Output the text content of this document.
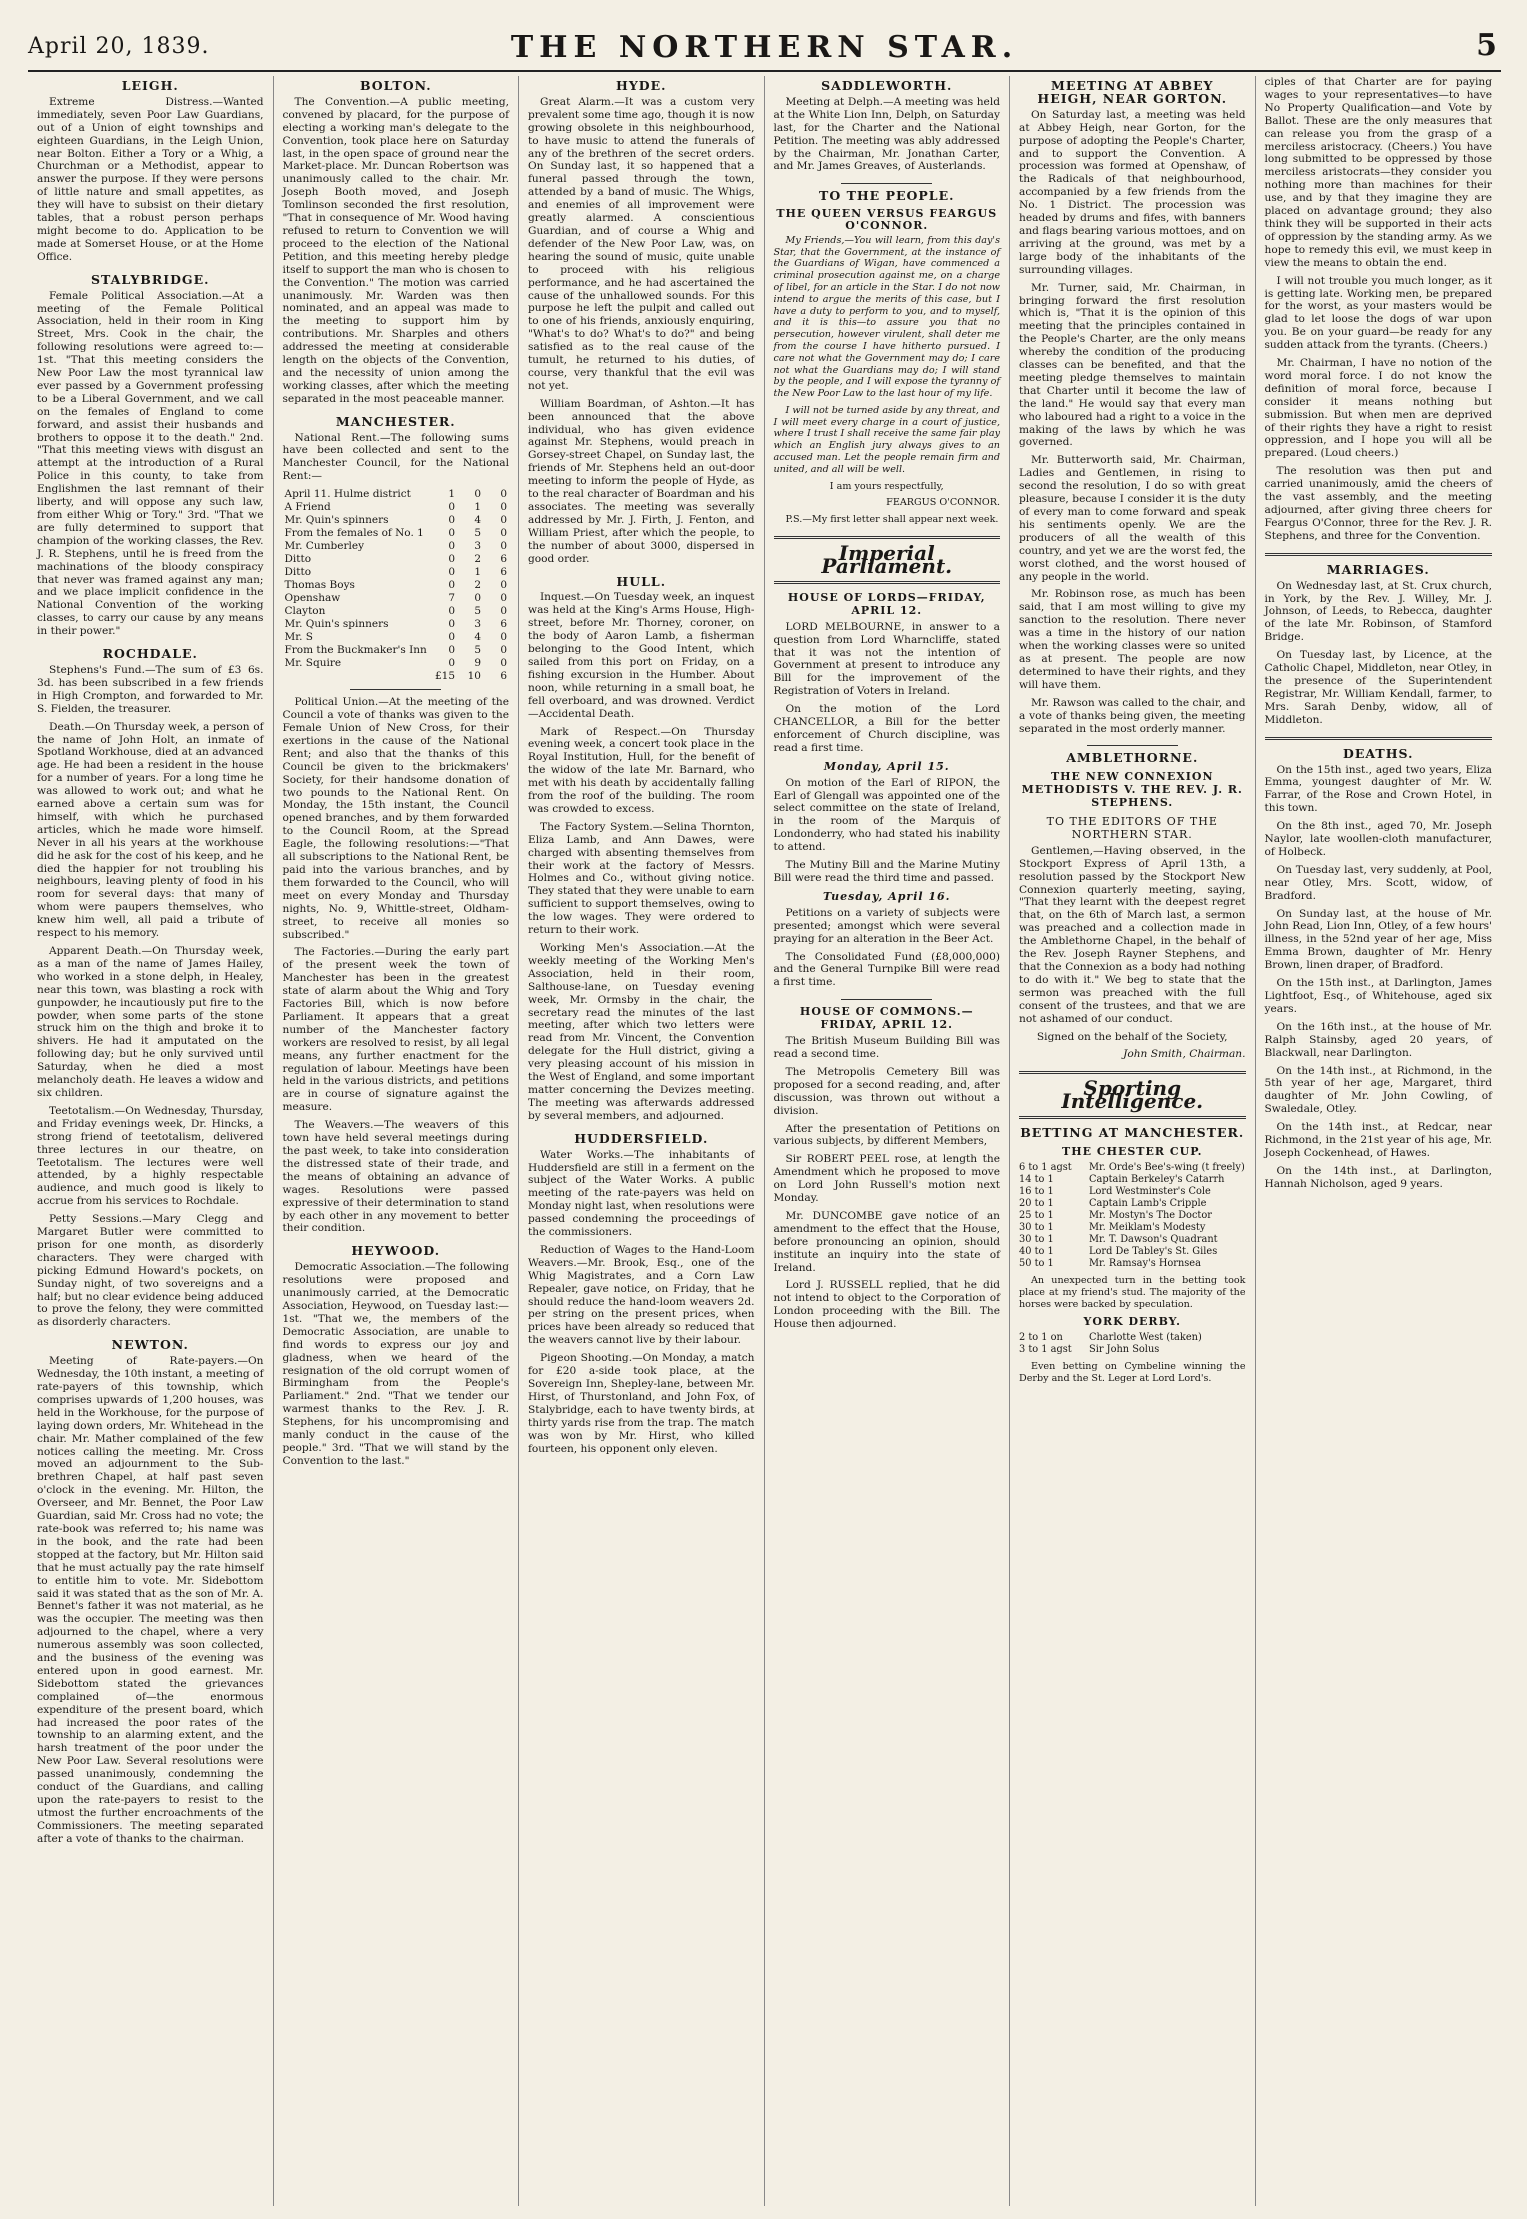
April 20, 1839.	THE NORTHERN STAR.	5
LEIGH.

Extreme Distress.—Wanted immediately, seven Poor Law Guardians, out of a Union of eight townships and eighteen Guardians, in the Leigh Union, near Bolton. Either a Tory or a Whig, a Churchman or a Methodist, appear to answer the purpose. If they were persons of little nature and small appetites, as they will have to subsist on their dietary tables, that a robust person perhaps might become to do. Application to be made at Somerset House, or at the Home Office.

STALYBRIDGE.

Female Political Association.—At a meeting of the Female Political Association, held in their room in King Street, Mrs. Cook in the chair, the following resolutions were agreed to:—1st. "That this meeting considers the New Poor Law the most tyrannical law ever passed by a Government professing to be a Liberal Government, and we call on the females of England to come forward, and assist their husbands and brothers to oppose it to the death." 2nd. "That this meeting views with disgust an attempt at the introduction of a Rural Police in this county, to take from Englishmen the last remnant of their liberty, and will oppose any such law, from either Whig or Tory." 3rd. "That we are fully determined to support that champion of the working classes, the Rev. J. R. Stephens, until he is freed from the machinations of the bloody conspiracy that never was framed against any man; and we place implicit confidence in the National Convention of the working classes, to carry our cause by any means in their power."

ROCHDALE.

Stephens's Fund.—The sum of £3 6s. 3d. has been subscribed in a few friends in High Crompton, and forwarded to Mr. S. Fielden, the treasurer.

Death.—On Thursday week, a person of the name of John Holt, an inmate of Spotland Workhouse, died at an advanced age. He had been a resident in the house for a number of years. For a long time he was allowed to work out; and what he earned above a certain sum was for himself, with which he purchased articles, which he made wore himself. Never in all his years at the workhouse did he ask for the cost of his keep, and he died the happier for not troubling his neighbours, leaving plenty of food in his room for several days: that many of whom were paupers themselves, who knew him well, all paid a tribute of respect to his memory.

Apparent Death.—On Thursday week, as a man of the name of James Hailey, who worked in a stone delph, in Healey, near this town, was blasting a rock with gunpowder, he incautiously put fire to the powder, when some parts of the stone struck him on the thigh and broke it to shivers. He had it amputated on the following day; but he only survived until Saturday, when he died a most melancholy death. He leaves a widow and six children.

Teetotalism.—On Wednesday, Thursday, and Friday evenings week, Dr. Hincks, a strong friend of teetotalism, delivered three lectures in our theatre, on Teetotalism. The lectures were well attended, by a highly respectable audience, and much good is likely to accrue from his services to Rochdale.

Petty Sessions.—Mary Clegg and Margaret Butler were committed to prison for one month, as disorderly characters. They were charged with picking Edmund Howard's pockets, on Sunday night, of two sovereigns and a half; but no clear evidence being adduced to prove the felony, they were committed as disorderly characters.

NEWTON.

Meeting of Rate-payers.—On Wednesday, the 10th instant, a meeting of rate-payers of this township, which comprises upwards of 1,200 houses, was held in the Workhouse, for the purpose of laying down orders, Mr. Whitehead in the chair. Mr. Mather complained of the few notices calling the meeting. Mr. Cross moved an adjournment to the Sub-brethren Chapel, at half past seven o'clock in the evening. Mr. Hilton, the Overseer, and Mr. Bennet, the Poor Law Guardian, said Mr. Cross had no vote; the rate-book was referred to; his name was in the book, and the rate had been stopped at the factory, but Mr. Hilton said that he must actually pay the rate himself to entitle him to vote. Mr. Sidebottom said it was stated that as the son of Mr. A. Bennet's father it was not material, as he was the occupier. The meeting was then adjourned to the chapel, where a very numerous assembly was soon collected, and the business of the evening was entered upon in good earnest. Mr. Sidebottom stated the grievances complained of—the enormous expenditure of the present board, which had increased the poor rates of the township to an alarming extent, and the harsh treatment of the poor under the New Poor Law. Several resolutions were passed unanimously, condemning the conduct of the Guardians, and calling upon the rate-payers to resist to the utmost the further encroachments of the Commissioners. The meeting separated after a vote of thanks to the chairman.

BOLTON.

The Convention.—A public meeting, convened by placard, for the purpose of electing a working man's delegate to the Convention, took place here on Saturday last, in the open space of ground near the Market-place. Mr. Duncan Robertson was unanimously called to the chair. Mr. Joseph Booth moved, and Joseph Tomlinson seconded the first resolution, "That in consequence of Mr. Wood having refused to return to Convention we will proceed to the election of the National Petition, and this meeting hereby pledge itself to support the man who is chosen to the Convention." The motion was carried unanimously. Mr. Warden was then nominated, and an appeal was made to the meeting to support him by contributions. Mr. Sharples and others addressed the meeting at considerable length on the objects of the Convention, and the necessity of union among the working classes, after which the meeting separated in the most peaceable manner.

MANCHESTER.

National Rent.—The following sums have been collected and sent to the Manchester Council, for the National Rent:—

April 11. Hulme district	1	0	0
A Friend	0	1	0
Mr. Quin's spinners	0	4	0
From the females of No. 1	0	5	0
Mr. Cumberley	0	3	0
Ditto	0	2	6
Ditto	0	1	6
Thomas Boys	0	2	0
Openshaw	7	0	0
Clayton	0	5	0
Mr. Quin's spinners	0	3	6
Mr. S	0	4	0
From the Buckmaker's Inn	0	5	0
Mr. Squire	0	9	0
	£15	10	6

Political Union.—At the meeting of the Council a vote of thanks was given to the Female Union of New Cross, for their exertions in the cause of the National Rent; and also that the thanks of this Council be given to the brickmakers' Society, for their handsome donation of two pounds to the National Rent. On Monday, the 15th instant, the Council opened branches, and by them forwarded to the Council Room, at the Spread Eagle, the following resolutions:—"That all subscriptions to the National Rent, be paid into the various branches, and by them forwarded to the Council, who will meet on every Monday and Thursday nights, No. 9, Whittle-street, Oldham-street, to receive all monies so subscribed."

The Factories.—During the early part of the present week the town of Manchester has been in the greatest state of alarm about the Whig and Tory Factories Bill, which is now before Parliament. It appears that a great number of the Manchester factory workers are resolved to resist, by all legal means, any further enactment for the regulation of labour. Meetings have been held in the various districts, and petitions are in course of signature against the measure.

The Weavers.—The weavers of this town have held several meetings during the past week, to take into consideration the distressed state of their trade, and the means of obtaining an advance of wages. Resolutions were passed expressive of their determination to stand by each other in any movement to better their condition.

HEYWOOD.

Democratic Association.—The following resolutions were proposed and unanimously carried, at the Democratic Association, Heywood, on Tuesday last:—1st. "That we, the members of the Democratic Association, are unable to find words to express our joy and gladness, when we heard of the resignation of the old corrupt women of Birmingham from the People's Parliament." 2nd. "That we tender our warmest thanks to the Rev. J. R. Stephens, for his uncompromising and manly conduct in the cause of the people." 3rd. "That we will stand by the Convention to the last."

HYDE.

Great Alarm.—It was a custom very prevalent some time ago, though it is now growing obsolete in this neighbourhood, to have music to attend the funerals of any of the brethren of the secret orders. On Sunday last, it so happened that a funeral passed through the town, attended by a band of music. The Whigs, and enemies of all improvement were greatly alarmed. A conscientious Guardian, and of course a Whig and defender of the New Poor Law, was, on hearing the sound of music, quite unable to proceed with his religious performance, and he had ascertained the cause of the unhallowed sounds. For this purpose he left the pulpit and called out to one of his friends, anxiously enquiring, "What's to do? What's to do?" and being satisfied as to the real cause of the tumult, he returned to his duties, of course, very thankful that the evil was not yet.

William Boardman, of Ashton.—It has been announced that the above individual, who has given evidence against Mr. Stephens, would preach in Gorsey-street Chapel, on Sunday last, the friends of Mr. Stephens held an out-door meeting to inform the people of Hyde, as to the real character of Boardman and his associates. The meeting was severally addressed by Mr. J. Firth, J. Fenton, and William Priest, after which the people, to the number of about 3000, dispersed in good order.

HULL.

Inquest.—On Tuesday week, an inquest was held at the King's Arms House, High-street, before Mr. Thorney, coroner, on the body of Aaron Lamb, a fisherman belonging to the Good Intent, which sailed from this port on Friday, on a fishing excursion in the Humber. About noon, while returning in a small boat, he fell overboard, and was drowned. Verdict—Accidental Death.

Mark of Respect.—On Thursday evening week, a concert took place in the Royal Institution, Hull, for the benefit of the widow of the late Mr. Barnard, who met with his death by accidentally falling from the roof of the building. The room was crowded to excess.

The Factory System.—Selina Thornton, Eliza Lamb, and Ann Dawes, were charged with absenting themselves from their work at the factory of Messrs. Holmes and Co., without giving notice. They stated that they were unable to earn sufficient to support themselves, owing to the low wages. They were ordered to return to their work.

Working Men's Association.—At the weekly meeting of the Working Men's Association, held in their room, Salthouse-lane, on Tuesday evening week, Mr. Ormsby in the chair, the secretary read the minutes of the last meeting, after which two letters were read from Mr. Vincent, the Convention delegate for the Hull district, giving a very pleasing account of his mission in the West of England, and some important matter concerning the Devizes meeting. The meeting was afterwards addressed by several members, and adjourned.

HUDDERSFIELD.

Water Works.—The inhabitants of Huddersfield are still in a ferment on the subject of the Water Works. A public meeting of the rate-payers was held on Monday night last, when resolutions were passed condemning the proceedings of the commissioners.

Reduction of Wages to the Hand-Loom Weavers.—Mr. Brook, Esq., one of the Whig Magistrates, and a Corn Law Repealer, gave notice, on Friday, that he should reduce the hand-loom weavers 2d. per string on the present prices, when prices have been already so reduced that the weavers cannot live by their labour.

Pigeon Shooting.—On Monday, a match for £20 a-side took place, at the Sovereign Inn, Shepley-lane, between Mr. Hirst, of Thurstonland, and John Fox, of Stalybridge, each to have twenty birds, at thirty yards rise from the trap. The match was won by Mr. Hirst, who killed fourteen, his opponent only eleven.

SADDLEWORTH.

Meeting at Delph.—A meeting was held at the White Lion Inn, Delph, on Saturday last, for the Charter and the National Petition. The meeting was ably addressed by the Chairman, Mr. Jonathan Carter, and Mr. James Greaves, of Austerlands.

TO THE PEOPLE.
THE QUEEN VERSUS FEARGUS O'CONNOR.

My Friends,—You will learn, from this day's Star, that the Government, at the instance of the Guardians of Wigan, have commenced a criminal prosecution against me, on a charge of libel, for an article in the Star. I do not now intend to argue the merits of this case, but I have a duty to perform to you, and to myself, and it is this—to assure you that no persecution, however virulent, shall deter me from the course I have hitherto pursued. I care not what the Government may do; I care not what the Guardians may do; I will stand by the people, and I will expose the tyranny of the New Poor Law to the last hour of my life.

I will not be turned aside by any threat, and I will meet every charge in a court of justice, where I trust I shall receive the same fair play which an English jury always gives to an accused man. Let the people remain firm and united, and all will be well.

I am yours respectfully,

FEARGUS O'CONNOR.

P.S.—My first letter shall appear next week.

Imperial Parliament.
HOUSE OF LORDS—FRIDAY, APRIL 12.

LORD MELBOURNE, in answer to a question from Lord Wharncliffe, stated that it was not the intention of Government at present to introduce any Bill for the improvement of the Registration of Voters in Ireland.

On the motion of the Lord CHANCELLOR, a Bill for the better enforcement of Church discipline, was read a first time.

Monday, April 15.

On motion of the Earl of RIPON, the Earl of Glengall was appointed one of the select committee on the state of Ireland, in the room of the Marquis of Londonderry, who had stated his inability to attend.

The Mutiny Bill and the Marine Mutiny Bill were read the third time and passed.

Tuesday, April 16.

Petitions on a variety of subjects were presented; amongst which were several praying for an alteration in the Beer Act.

The Consolidated Fund (£8,000,000) and the General Turnpike Bill were read a first time.

HOUSE OF COMMONS.—FRIDAY, APRIL 12.

The British Museum Building Bill was read a second time.

The Metropolis Cemetery Bill was proposed for a second reading, and, after discussion, was thrown out without a division.

After the presentation of Petitions on various subjects, by different Members,

Sir ROBERT PEEL rose, at length the Amendment which he proposed to move on Lord John Russell's motion next Monday.

Mr. DUNCOMBE gave notice of an amendment to the effect that the House, before pronouncing an opinion, should institute an inquiry into the state of Ireland.

Lord J. RUSSELL replied, that he did not intend to object to the Corporation of London proceeding with the Bill. The House then adjourned.

MEETING AT ABBEY HEIGH, NEAR GORTON.

On Saturday last, a meeting was held at Abbey Heigh, near Gorton, for the purpose of adopting the People's Charter, and to support the Convention. A procession was formed at Openshaw, of the Radicals of that neighbourhood, accompanied by a few friends from the No. 1 District. The procession was headed by drums and fifes, with banners and flags bearing various mottoes, and on arriving at the ground, was met by a large body of the inhabitants of the surrounding villages.

Mr. Turner, said, Mr. Chairman, in bringing forward the first resolution which is, "That it is the opinion of this meeting that the principles contained in the People's Charter, are the only means whereby the condition of the producing classes can be benefited, and that the meeting pledge themselves to maintain that Charter until it become the law of the land." He would say that every man who laboured had a right to a voice in the making of the laws by which he was governed.

Mr. Butterworth said, Mr. Chairman, Ladies and Gentlemen, in rising to second the resolution, I do so with great pleasure, because I consider it is the duty of every man to come forward and speak his sentiments openly. We are the producers of all the wealth of this country, and yet we are the worst fed, the worst clothed, and the worst housed of any people in the world.

Mr. Robinson rose, as much has been said, that I am most willing to give my sanction to the resolution. There never was a time in the history of our nation when the working classes were so united as at present. The people are now determined to have their rights, and they will have them.

Mr. Rawson was called to the chair, and a vote of thanks being given, the meeting separated in the most orderly manner.

AMBLETHORNE.
THE NEW CONNEXION METHODISTS V. THE REV. J. R. STEPHENS.
TO THE EDITORS OF THE NORTHERN STAR.

Gentlemen,—Having observed, in the Stockport Express of April 13th, a resolution passed by the Stockport New Connexion quarterly meeting, saying, "That they learnt with the deepest regret that, on the 6th of March last, a sermon was preached and a collection made in the Amblethorne Chapel, in the behalf of the Rev. Joseph Rayner Stephens, and that the Connexion as a body had nothing to do with it." We beg to state that the sermon was preached with the full consent of the trustees, and that we are not ashamed of our conduct.

Signed on the behalf of the Society,

John Smith, Chairman.

Sporting Intelligence.
BETTING AT MANCHESTER.
THE CHESTER CUP.
6 to 1 agst	Mr. Orde's Bee's-wing (t freely)
14 to 1	Captain Berkeley's Catarrh
16 to 1	Lord Westminster's Cole
20 to 1	Captain Lamb's Cripple
25 to 1	Mr. Mostyn's The Doctor
30 to 1	Mr. Meiklam's Modesty
30 to 1	Mr. T. Dawson's Quadrant
40 to 1	Lord De Tabley's St. Giles
50 to 1	Mr. Ramsay's Hornsea

An unexpected turn in the betting took place at my friend's stud. The majority of the horses were backed by speculation.

YORK DERBY.
2 to 1 on	Charlotte West (taken)
3 to 1 agst	Sir John Solus

Even betting on Cymbeline winning the Derby and the St. Leger at Lord Lord's.

ciples of that Charter are for paying wages to your representatives—to have No Property Qualification—and Vote by Ballot. These are the only measures that can release you from the grasp of a merciless aristocracy. (Cheers.) You have long submitted to be oppressed by those merciless aristocrats—they consider you nothing more than machines for their use, and by that they imagine they are placed on advantage ground; they also think they will be supported in their acts of oppression by the standing army. As we hope to remedy this evil, we must keep in view the means to obtain the end.

I will not trouble you much longer, as it is getting late. Working men, be prepared for the worst, as your masters would be glad to let loose the dogs of war upon you. Be on your guard—be ready for any sudden attack from the tyrants. (Cheers.)

Mr. Chairman, I have no notion of the word moral force. I do not know the definition of moral force, because I consider it means nothing but submission. But when men are deprived of their rights they have a right to resist oppression, and I hope you will all be prepared. (Loud cheers.)

The resolution was then put and carried unanimously, amid the cheers of the vast assembly, and the meeting adjourned, after giving three cheers for Feargus O'Connor, three for the Rev. J. R. Stephens, and three for the Convention.

MARRIAGES.

On Wednesday last, at St. Crux church, in York, by the Rev. J. Willey, Mr. J. Johnson, of Leeds, to Rebecca, daughter of the late Mr. Robinson, of Stamford Bridge.

On Tuesday last, by Licence, at the Catholic Chapel, Middleton, near Otley, in the presence of the Superintendent Registrar, Mr. William Kendall, farmer, to Mrs. Sarah Denby, widow, all of Middleton.

DEATHS.

On the 15th inst., aged two years, Eliza Emma, youngest daughter of Mr. W. Farrar, of the Rose and Crown Hotel, in this town.

On the 8th inst., aged 70, Mr. Joseph Naylor, late woollen-cloth manufacturer, of Holbeck.

On Tuesday last, very suddenly, at Pool, near Otley, Mrs. Scott, widow, of Bradford.

On Sunday last, at the house of Mr. John Read, Lion Inn, Otley, of a few hours' illness, in the 52nd year of her age, Miss Emma Brown, daughter of Mr. Henry Brown, linen draper, of Bradford.

On the 15th inst., at Darlington, James Lightfoot, Esq., of Whitehouse, aged six years.

On the 16th inst., at the house of Mr. Ralph Stainsby, aged 20 years, of Blackwall, near Darlington.

On the 14th inst., at Richmond, in the 5th year of her age, Margaret, third daughter of Mr. John Cowling, of Swaledale, Otley.

On the 14th inst., at Redcar, near Richmond, in the 21st year of his age, Mr. Joseph Cockenhead, of Hawes.

On the 14th inst., at Darlington, Hannah Nicholson, aged 9 years.
